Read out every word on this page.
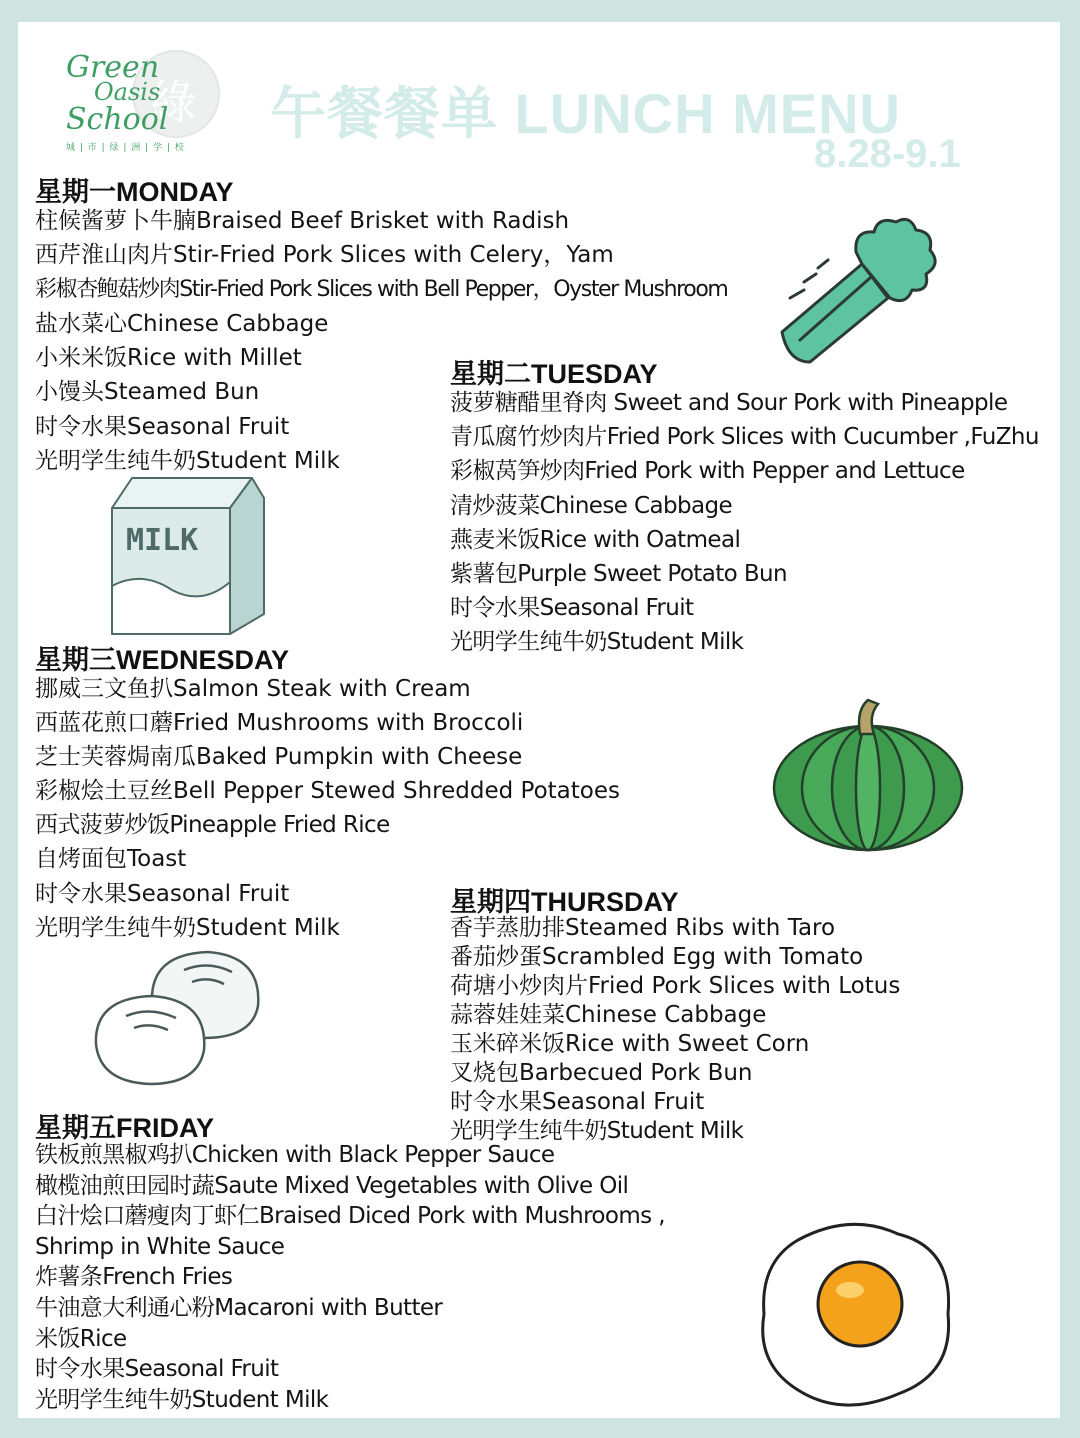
綠
Green
Oasis
School
城 | 市 | 绿 | 洲 | 学 | 校
午餐餐单 LUNCH MENU
8.28-9.1
星期一MONDAY
柱候酱萝卜牛腩Braised Beef Brisket with Radish
西芹淮山肉片Stir-Fried Pork Slices with Celery，Yam
彩椒杏鲍菇炒肉Stir-Fried Pork Slices with Bell Pepper，Oyster Mushroom
盐水菜心Chinese Cabbage
小米米饭Rice with Millet
小馒头Steamed Bun
时令水果Seasonal Fruit
光明学生纯牛奶Student Milk
星期二TUESDAY
菠萝糖醋里脊肉 Sweet and Sour Pork with Pineapple
青瓜腐竹炒肉片Fried Pork Slices with Cucumber ,FuZhu
彩椒莴笋炒肉Fried Pork with Pepper and Lettuce
清炒菠菜Chinese Cabbage
燕麦米饭Rice with Oatmeal
紫薯包Purple Sweet Potato Bun
时令水果Seasonal Fruit
光明学生纯牛奶Student Milk
星期三WEDNESDAY
挪威三文鱼扒Salmon Steak with Cream
西蓝花煎口蘑Fried Mushrooms with Broccoli
芝士芙蓉焗南瓜Baked Pumpkin with Cheese
彩椒烩土豆丝Bell Pepper Stewed Shredded Potatoes
西式菠萝炒饭Pineapple Fried Rice
自烤面包Toast
时令水果Seasonal Fruit
光明学生纯牛奶Student Milk
星期四THURSDAY
香芋蒸肋排Steamed Ribs with Taro
番茄炒蛋Scrambled Egg with Tomato
荷塘小炒肉片Fried Pork Slices with Lotus
蒜蓉娃娃菜Chinese Cabbage
玉米碎米饭Rice with Sweet Corn
叉烧包Barbecued Pork Bun
时令水果Seasonal Fruit
光明学生纯牛奶Student Milk
星期五FRIDAY
铁板煎黑椒鸡扒Chicken with Black Pepper Sauce
橄榄油煎田园时蔬Saute Mixed Vegetables with Olive Oil
白汁烩口蘑瘦肉丁虾仁Braised Diced Pork with Mushrooms ,
Shrimp in White Sauce
炸薯条French Fries
牛油意大利通心粉Macaroni with Butter
米饭Rice
时令水果Seasonal Fruit
光明学生纯牛奶Student Milk
MILK
